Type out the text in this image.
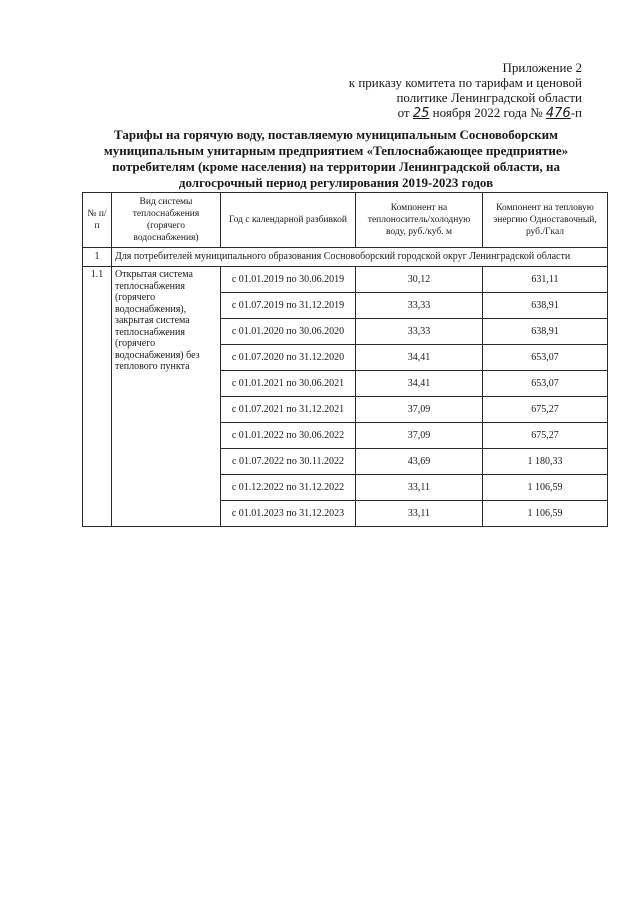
Приложение 2
к приказу комитета по тарифам и ценовой
политике Ленинградской области
от 25 ноября 2022 года № 476-п
Тарифы на горячую воду, поставляемую муниципальным Сосновоборским муниципальным унитарным предприятием «Теплоснабжающее предприятие» потребителям (кроме населения) на территории Ленинградской области, на долгосрочный период регулирования 2019-2023 годов
№ п/п	Вид системы теплоснабжения (горячего водоснабжения)	Год с календарной разбивкой	Компонент на теплоноситель/холодную воду, руб./куб. м	Компонент на тепловую энергию Одноставочный, руб./Гкал
1	Для потребителей муниципального образования Сосновоборский городской округ Ленинградской области			
1.1	Открытая система теплоснабжения (горячего водоснабжения), закрытая система теплоснабжения (горячего водоснабжения) без теплового пункта	с 01.01.2019 по 30.06.2019	30,12	631,11
		с 01.07.2019 по 31.12.2019	33,33	638,91
		с 01.01.2020 по 30.06.2020	33,33	638,91
		с 01.07.2020 по 31.12.2020	34,41	653,07
		с 01.01.2021 по 30.06.2021	34,41	653,07
		с 01.07.2021 по 31.12.2021	37,09	675,27
		с 01.01.2022 по 30.06.2022	37,09	675,27
		с 01.07.2022 по 30.11.2022	43,69	1 180,33
		с 01.12.2022 по 31.12.2022	33,11	1 106,59
		с 01.01.2023 по 31.12.2023	33,11	1 106,59
